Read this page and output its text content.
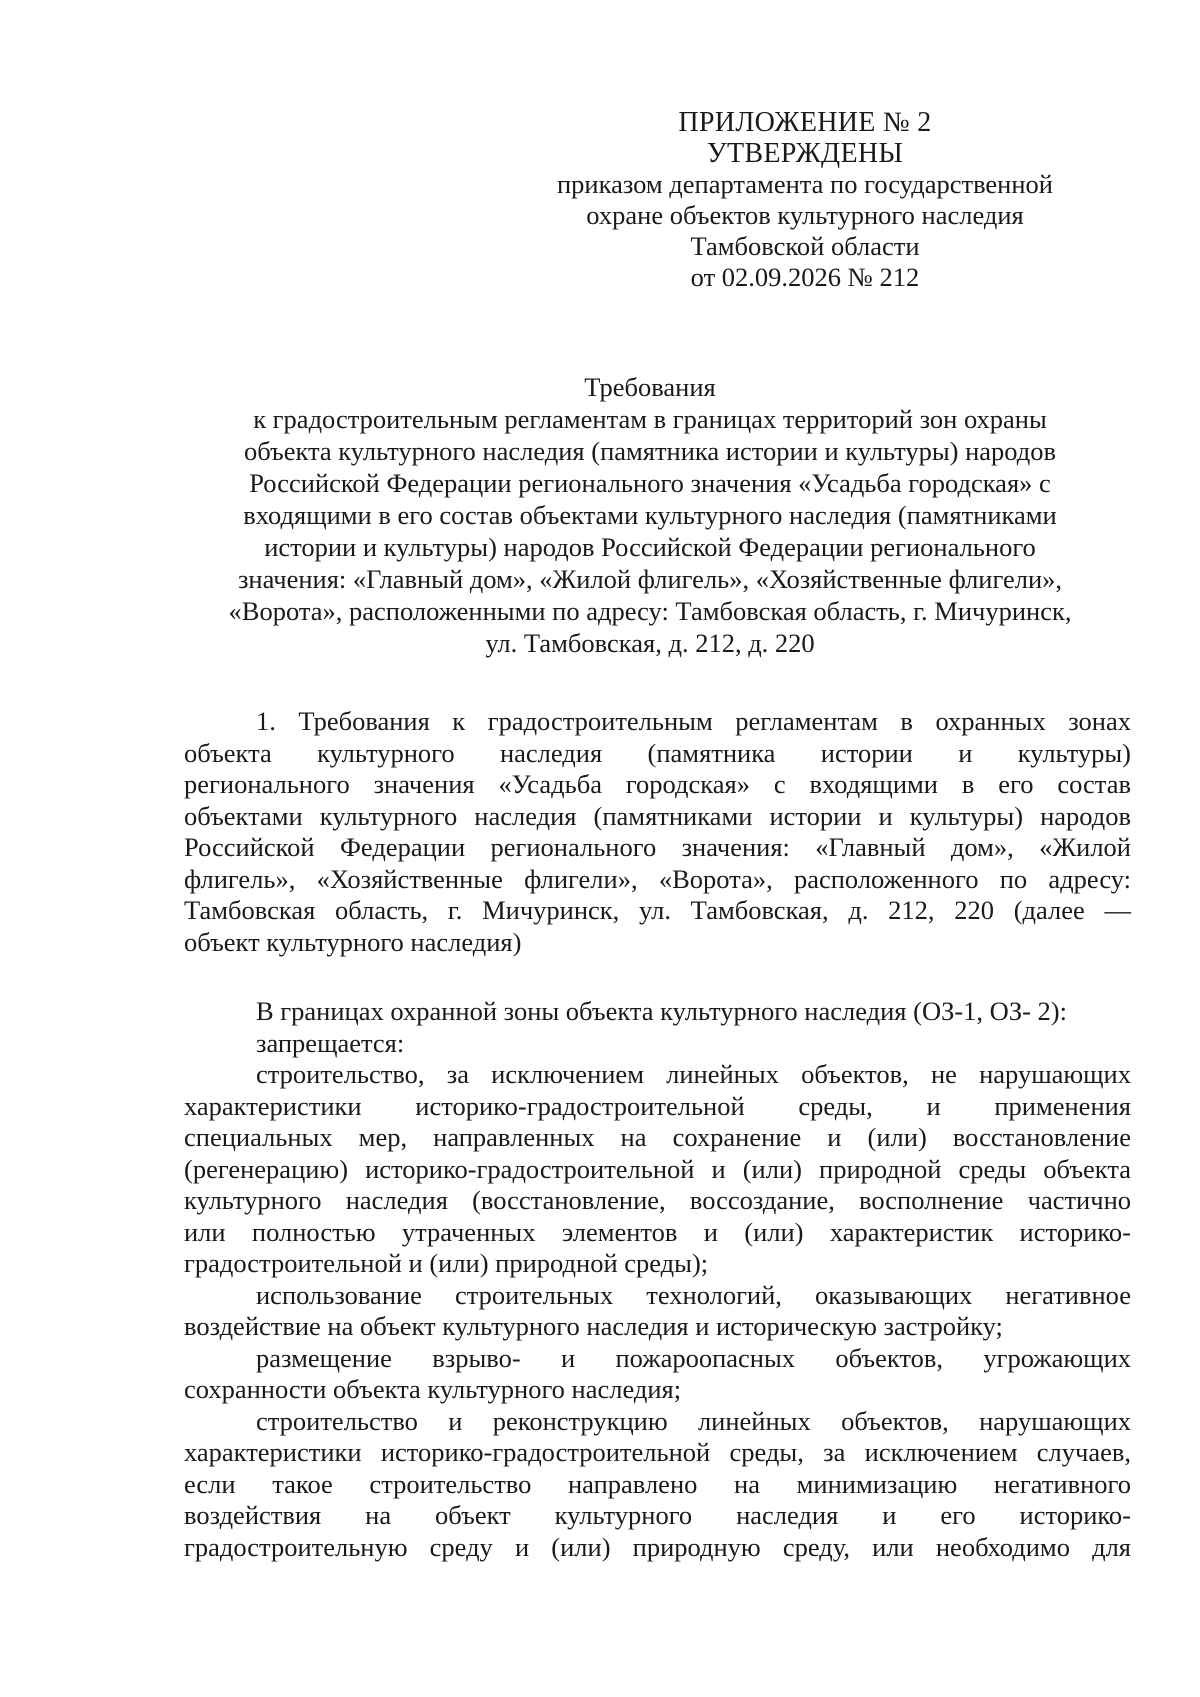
ПРИЛОЖЕНИЕ № 2
УТВЕРЖДЕНЫ
приказом департамента по государственной
охране объектов культурного наследия
Тамбовской области
от 02.09.2026 № 212
Требования
к градостроительным регламентам в границах территорий зон охраны
объекта культурного наследия (памятника истории и культуры) народов
Российской Федерации регионального значения «Усадьба городская» с
входящими в его состав объектами культурного наследия (памятниками
истории и культуры) народов Российской Федерации регионального
значения: «Главный дом», «Жилой флигель», «Хозяйственные флигели»,
«Ворота», расположенными по адресу: Тамбовская область, г. Мичуринск,
ул. Тамбовская, д. 212, д. 220
1. Требования к градостроительным регламентам в охранных зонах
объекта культурного наследия (памятника истории и культуры)
регионального значения «Усадьба городская» с входящими в его состав
объектами культурного наследия (памятниками истории и культуры) народов
Российской Федерации регионального значения: «Главный дом», «Жилой
флигель», «Хозяйственные флигели», «Ворота», расположенного по адресу:
Тамбовская область, г. Мичуринск, ул. Тамбовская, д. 212, 220 (далее —
объект культурного наследия)
В границах охранной зоны объекта культурного наследия (ОЗ-1, ОЗ- 2):
запрещается:
строительство, за исключением линейных объектов, не нарушающих
характеристики историко-градостроительной среды, и применения
специальных мер, направленных на сохранение и (или) восстановление
(регенерацию) историко-градостроительной и (или) природной среды объекта
культурного наследия (восстановление, воссоздание, восполнение частично
или полностью утраченных элементов и (или) характеристик историко-
градостроительной и (или) природной среды);
использование строительных технологий, оказывающих негативное
воздействие на объект культурного наследия и историческую застройку;
размещение взрыво- и пожароопасных объектов, угрожающих
сохранности объекта культурного наследия;
строительство и реконструкцию линейных объектов, нарушающих
характеристики историко-градостроительной среды, за исключением случаев,
если такое строительство направлено на минимизацию негативного
воздействия на объект культурного наследия и его историко-
градостроительную среду и (или) природную среду, или необходимо для
